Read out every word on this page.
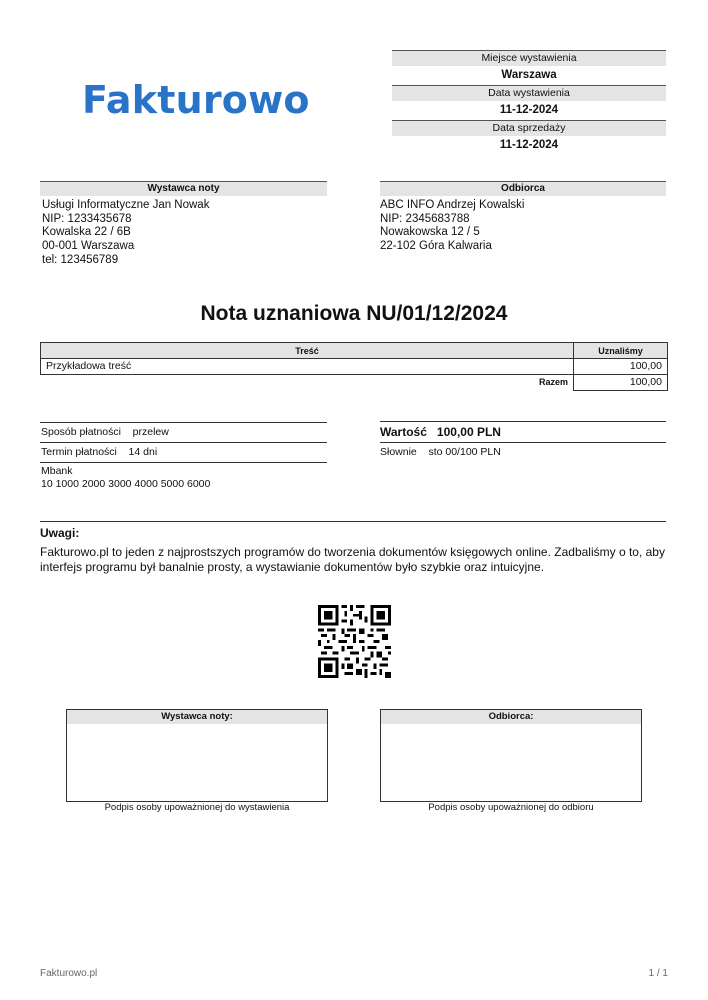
Fakturowo
Miejsce wystawienia
Warszawa
Data wystawienia
11-12-2024
Data sprzedaży
11-12-2024
Wystawca noty
Usługi Informatyczne Jan Nowak
NIP: 1233435678
Kowalska 22 / 6B
00-001 Warszawa
tel: 123456789
Odbiorca
ABC INFO Andrzej Kowalski
NIP: 2345683788
Nowakowska 12 / 5
22-102 Góra Kalwaria
Nota uznaniowa NU/01/12/2024
Treść	Uznaliśmy
Przykładowa treść	100,00
Razem	100,00
Sposób płatności przelew
Termin płatności 14 dni
Mbank
10 1000 2000 3000 4000 5000 6000
Wartość 100,00 PLN
Słownie sto 00/100 PLN
Uwagi:
Fakturowo.pl to jeden z najprostszych programów do tworzenia dokumentów księgowych online. Zadbaliśmy o to, aby interfejs programu był banalnie prosty, a wystawianie dokumentów było szybkie oraz intuicyjne.
Wystawca noty:
Podpis osoby upoważnionej do wystawienia
Odbiorca:
Podpis osoby upoważnionej do odbioru
Fakturowo.pl	1 / 1
